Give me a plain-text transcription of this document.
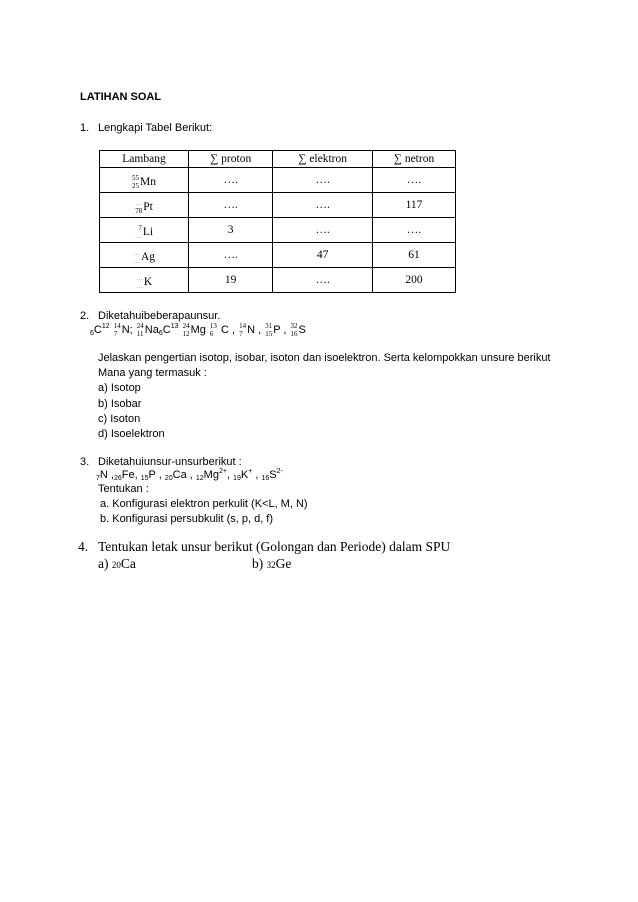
LATIHAN SOAL
1. Lengkapi Tabel Berikut:
Lambang	∑ proton	∑ elektron	∑ netron

55
25 Mn	….	….	….

…
78 Pt	….	….	117

7
… Li	3	….	….

…
… Ag	….	47	61

…
… K	19	….	200
2. Diketahuibeberapaunsur.
$_6C^{12}$ 14
7 N; 24
11 $Na_6C^{13}$ 24
12 Mg 13
6 C , 14
7 N , 31
15 P , 32
16 S
Jelaskan pengertian isotop, isobar, isoton dan isoelektron. Serta kelompokkan unsure berikut
Mana yang termasuk :
a) Isotop
b) Isobar
c) Isoton
d) Isoelektron
3. Diketahuiunsur-unsurberikut :
$_7$N $,_{26}Fe$, $_{15}$P , $_{20}$Ca , $_{12}Mg^{2+}$, $_{19}$K+ , $_{16}S^{2-}$
Tentukan :
a. Konfigurasi elektron perkulit (K<L, M, N)
b. Konfigurasi persubkulit (s, p, d, f)
4.   Tentukan letak unsur berikut (Golongan dan Periode) dalam SPU
a) 20Ca	b) 32Ge
